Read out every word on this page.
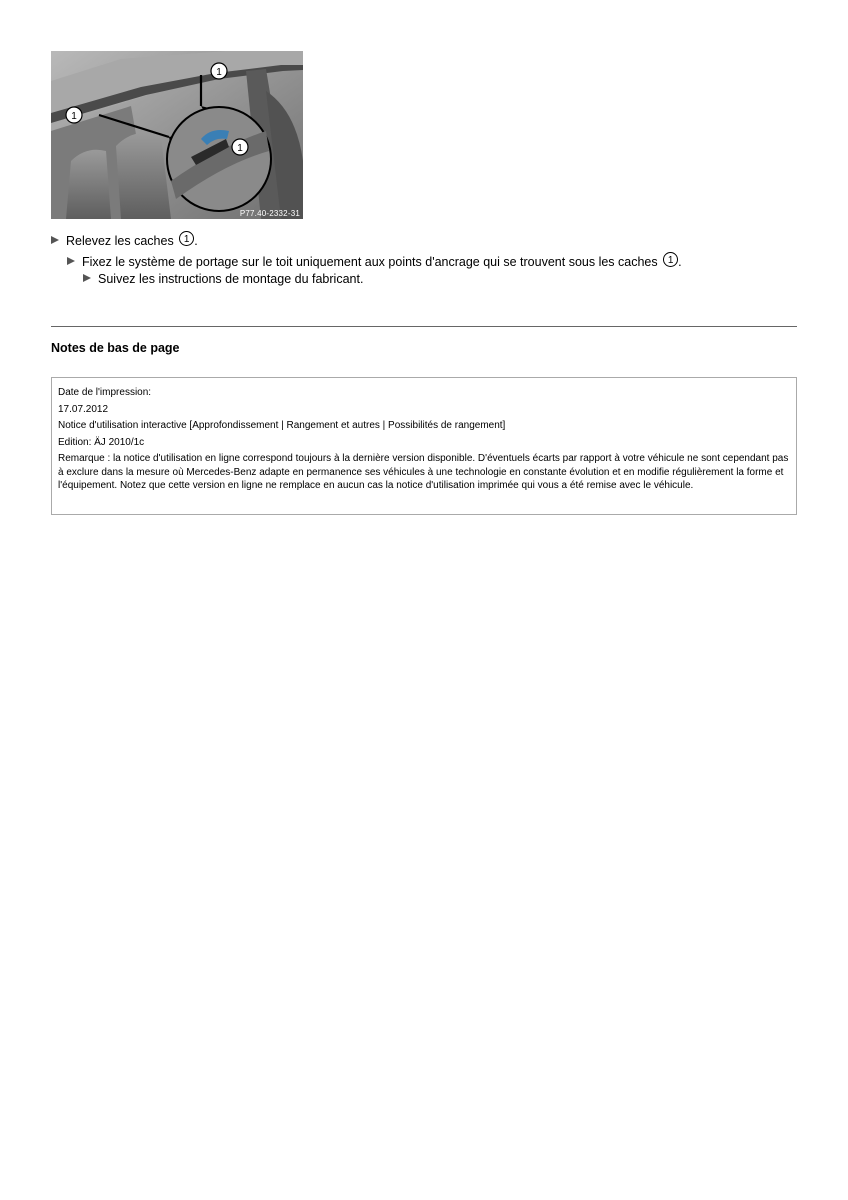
1
1
1
P77.40-2332-31
Relevez les caches 1 .
Fixez le système de portage sur le toit uniquement aux points d'ancrage qui se trouvent sous les caches 1 .
Suivez les instructions de montage du fabricant.
Notes de bas de page

Date de l'impression:

17.07.2012

Notice d'utilisation interactive [Approfondissement | Rangement et autres | Possibilités de rangement]

Edition: ÄJ 2010/1c

Remarque : la notice d'utilisation en ligne correspond toujours à la dernière version disponible. D'éventuels écarts par rapport à votre véhicule ne sont cependant pas à exclure dans la mesure où Mercedes-Benz adapte en permanence ses véhicules à une technologie en constante évolution et en modifie régulièrement la forme et l'équipement. Notez que cette version en ligne ne remplace en aucun cas la notice d'utilisation imprimée qui vous a été remise avec le véhicule.
